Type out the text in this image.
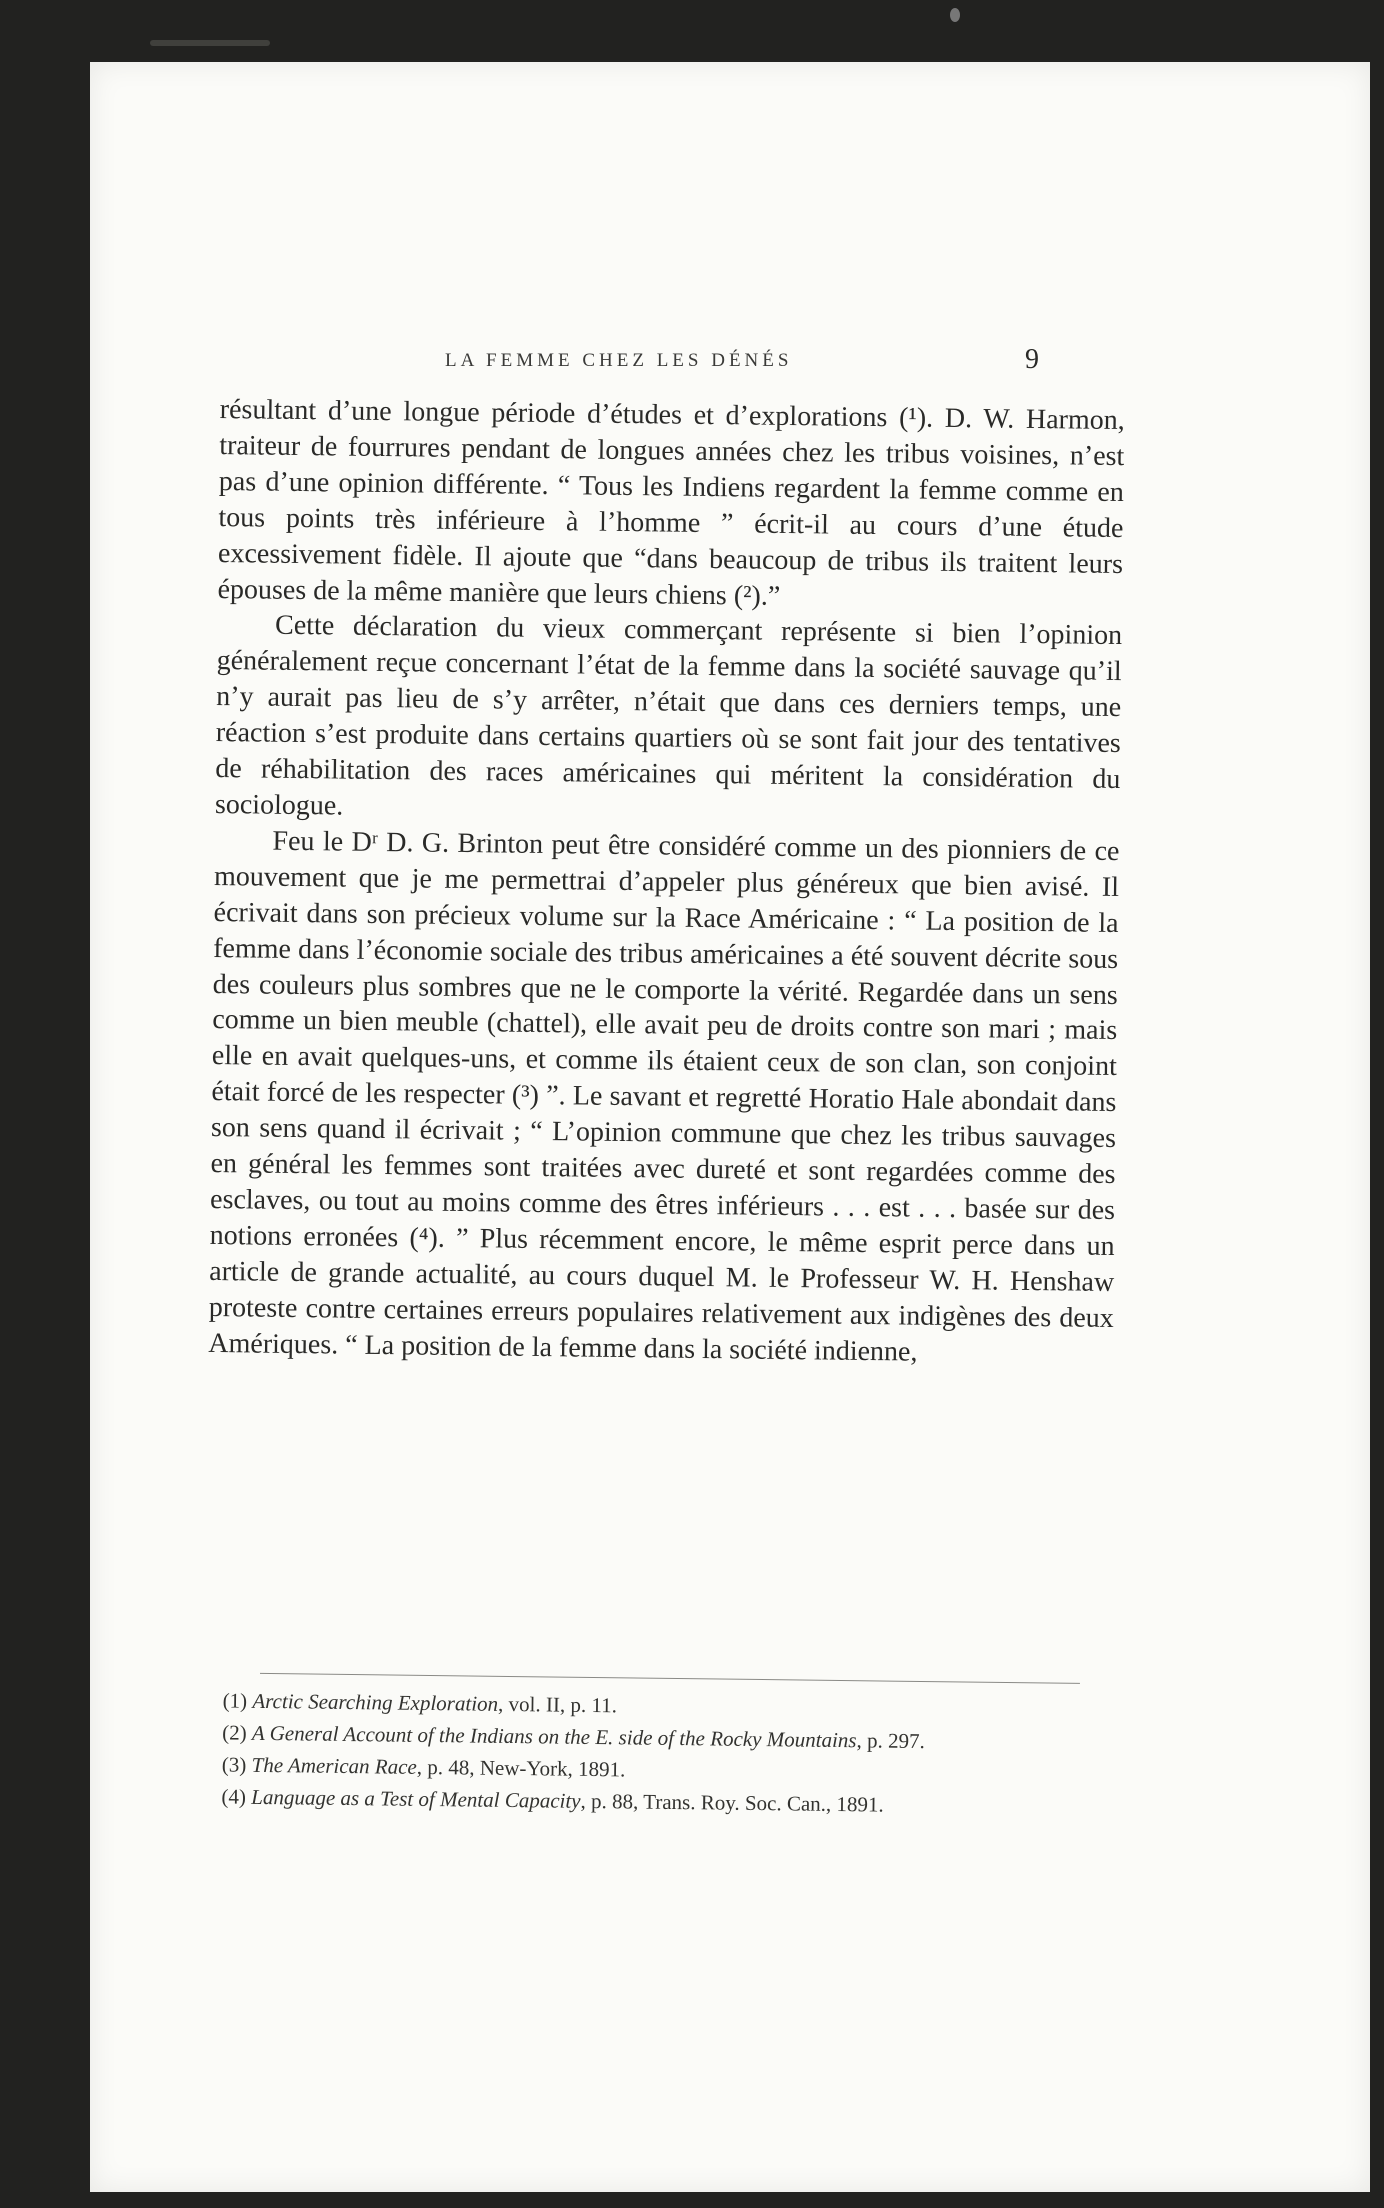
LA FEMME CHEZ LES DÉNÉS	9

résultant d’une longue période d’études et d’explorations (¹). D. W. Harmon, traiteur de fourrures pendant de longues années chez les tribus voisines, n’est pas d’une opinion différente. “ Tous les Indiens regardent la femme comme en tous points très inférieure à l’homme ” écrit-il au cours d’une étude excessivement fidèle. Il ajoute que “dans beaucoup de tribus ils traitent leurs épouses de la même manière que leurs chiens (²).”

Cette déclaration du vieux commerçant représente si bien l’opinion généralement reçue concernant l’état de la femme dans la société sauvage qu’il n’y aurait pas lieu de s’y arrêter, n’était que dans ces derniers temps, une réaction s’est produite dans certains quartiers où se sont fait jour des tentatives de réhabilitation des races américaines qui méritent la considération du sociologue.

Feu le Dʳ D. G. Brinton peut être considéré comme un des pionniers de ce mouvement que je me permettrai d’appeler plus généreux que bien avisé. Il écrivait dans son précieux volume sur la Race Américaine : “ La position de la femme dans l’économie sociale des tribus américaines a été souvent décrite sous des couleurs plus sombres que ne le comporte la vérité. Regardée dans un sens comme un bien meuble (chattel), elle avait peu de droits contre son mari ; mais elle en avait quelques-uns, et comme ils étaient ceux de son clan, son conjoint était forcé de les respecter (³) ”. Le savant et regretté Horatio Hale abondait dans son sens quand il écrivait ; “ L’opinion commune que chez les tribus sauvages en général les femmes sont traitées avec dureté et sont regardées comme des esclaves, ou tout au moins comme des êtres inférieurs . . . est . . . basée sur des notions erronées (⁴). ” Plus récemment encore, le même esprit perce dans un article de grande actualité, au cours duquel M. le Professeur W. H. Henshaw proteste contre certaines erreurs populaires relativement aux indigènes des deux Amériques. “ La position de la femme dans la société indienne,

(1) Arctic Searching Exploration, vol. II, p. 11.

(2) A General Account of the Indians on the E. side of the Rocky Mountains, p. 297.

(3) The American Race, p. 48, New-York, 1891.

(4) Language as a Test of Mental Capacity, p. 88, Trans. Roy. Soc. Can., 1891.
